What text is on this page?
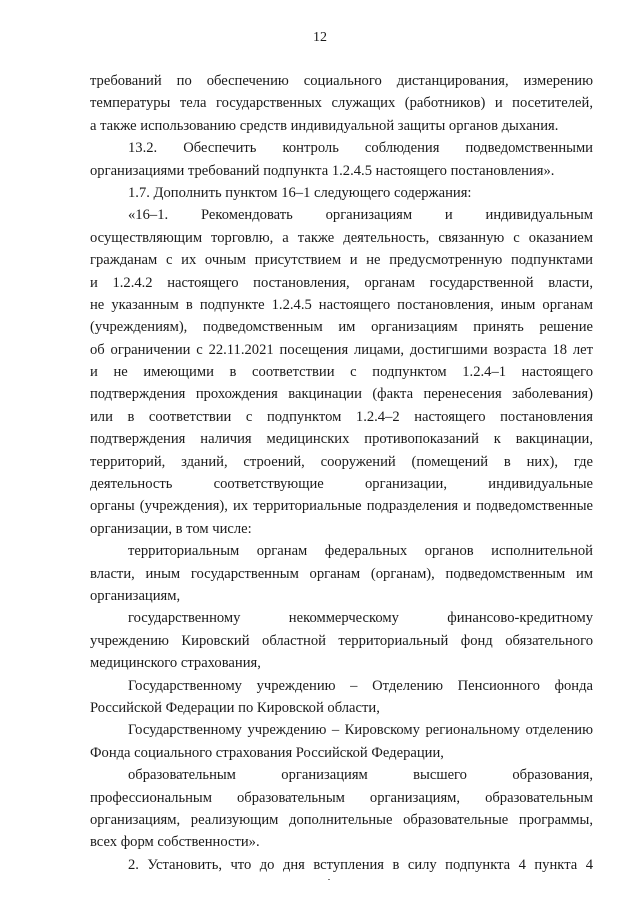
12
требований по обеспечению социального дистанцирования, измерению
температуры тела государственных служащих (работников) и посетителей,
а также использованию средств индивидуальной защиты органов дыхания.
13.2. Обеспечить контроль соблюдения подведомственными
организациями требований подпункта 1.2.4.5 настоящего постановления».
1.7. Дополнить пунктом 16–1 следующего содержания:
«16–1. Рекомендовать организациям и индивидуальным
осуществляющим торговлю, а также деятельность, связанную с оказанием
гражданам с их очным присутствием и не предусмотренную подпунктами
и 1.2.4.2 настоящего постановления, органам государственной власти,
не указанным в подпункте 1.2.4.5 настоящего постановления, иным органам
(учреждениям), подведомственным им организациям принять решение
об ограничении с 22.11.2021 посещения лицами, достигшими возраста 18 лет
и не имеющими в соответствии с подпунктом 1.2.4–1 настоящего
подтверждения прохождения вакцинации (факта перенесения заболевания)
или в соответствии с подпунктом 1.2.4–2 настоящего постановления
подтверждения наличия медицинских противопоказаний к вакцинации,
территорий, зданий, строений, сооружений (помещений в них), где
деятельность соответствующие организации, индивидуальные
органы (учреждения), их территориальные подразделения и подведомственные
организации, в том числе:
территориальным органам федеральных органов исполнительной
власти, иным государственным органам (органам), подведомственным им
организациям,
государственному некоммерческому финансово-кредитному
учреждению Кировский областной территориальный фонд обязательного
медицинского страхования,
Государственному учреждению – Отделению Пенсионного фонда
Российской Федерации по Кировской области,
Государственному учреждению – Кировскому региональному отделению
Фонда социального страхования Российской Федерации,
образовательным организациям высшего образования,
профессиональным образовательным организациям, образовательным
организациям, реализующим дополнительные образовательные программы,
всех форм собственности».
2. Установить, что до дня вступления в силу подпункта 4 пункта 4
